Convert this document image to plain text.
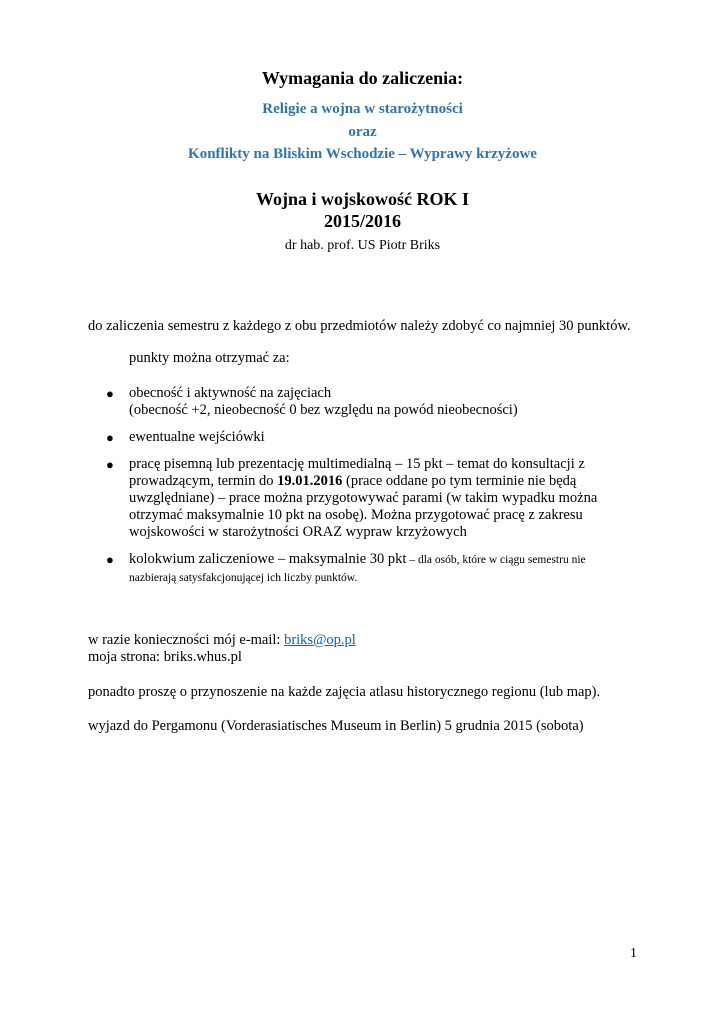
Wymagania do zaliczenia:
Religie a wojna w starożytności
oraz
Konflikty na Bliskim Wschodzie – Wyprawy krzyżowe
Wojna i wojskowość ROK I
2015/2016
dr hab. prof. US Piotr Briks
do zaliczenia semestru z każdego z obu przedmiotów należy zdobyć co najmniej 30 punktów.
punkty można otrzymać za:
● obecność i aktywność na zajęciach
(obecność +2, nieobecność 0 bez względu na powód nieobecności)
● ewentualne wejściówki
● pracę pisemną lub prezentację multimedialną – 15 pkt – temat do konsultacji z prowadzącym, termin do 19.01.2016 (prace oddane po tym terminie nie będą uwzględniane) – prace można przygotowywać parami (w takim wypadku można otrzymać maksymalnie 10 pkt na osobę). Można przygotować pracę z zakresu wojskowości w starożytności ORAZ wypraw krzyżowych
● kolokwium zaliczeniowe – maksymalnie 30 pkt – dla osób, które w ciągu semestru nie nazbierają satysfakcjonującej ich liczby punktów.
w razie konieczności mój e-mail: briks@op.pl
moja strona: briks.whus.pl
ponadto proszę o przynoszenie na każde zajęcia atlasu historycznego regionu (lub map).
wyjazd do Pergamonu (Vorderasiatisches Museum in Berlin) 5 grudnia 2015 (sobota)
1
